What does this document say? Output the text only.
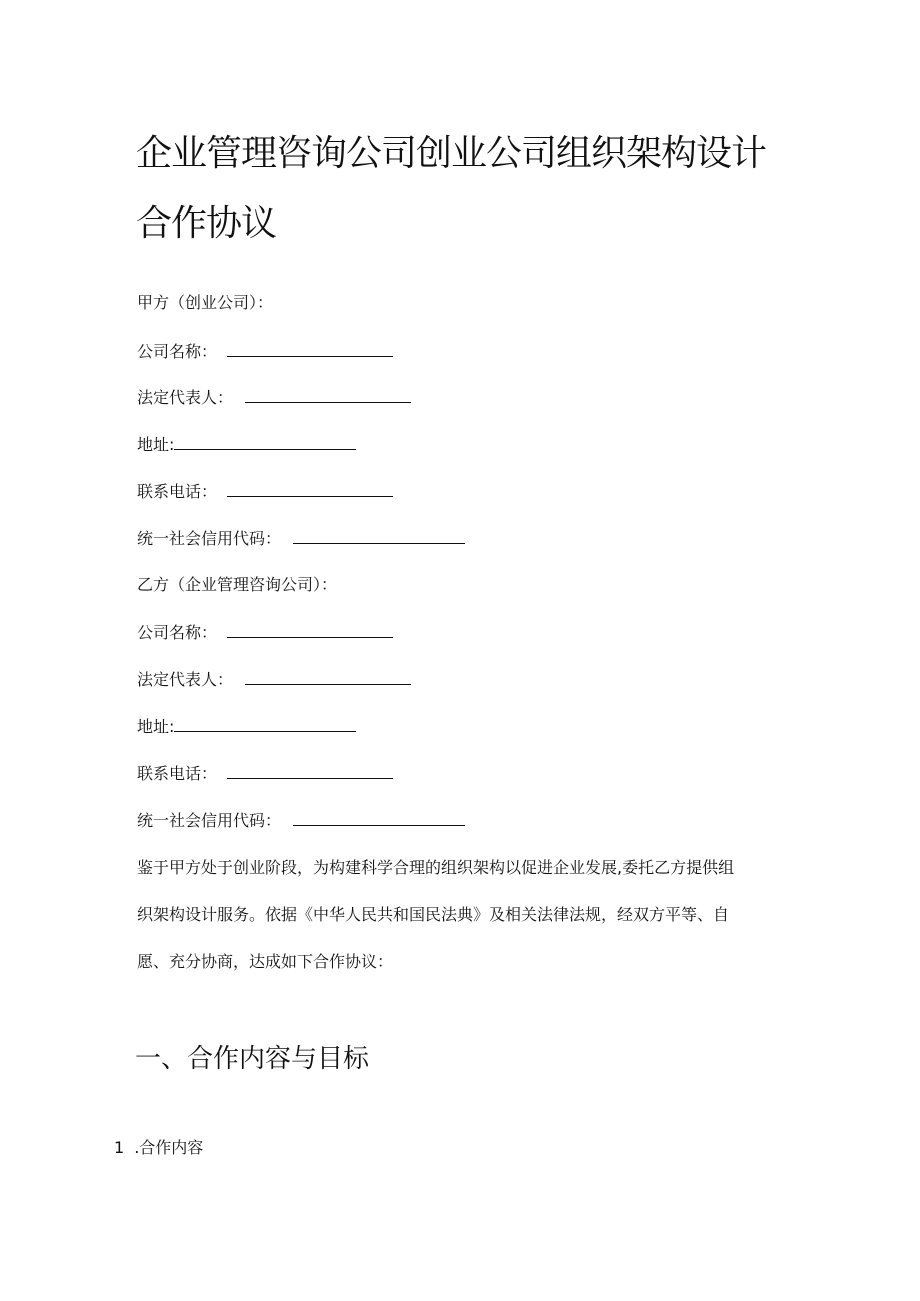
企业管理咨询公司创业公司组织架构设计
合作协议
甲方（创业公司）：
公司名称：
法定代表人：
地址:
联系电话：
统一社会信用代码：
乙方（企业管理咨询公司）：
公司名称：
法定代表人：
地址:
联系电话：
统一社会信用代码：
鉴于甲方处于创业阶段，为构建科学合理的组织架构以促进企业发展,委托乙方提供组
织架构设计服务。依据《中华人民共和国民法典》及相关法律法规，经双方平等、自
愿、充分协商，达成如下合作协议：
一、合作内容与目标
1 .合作内容
